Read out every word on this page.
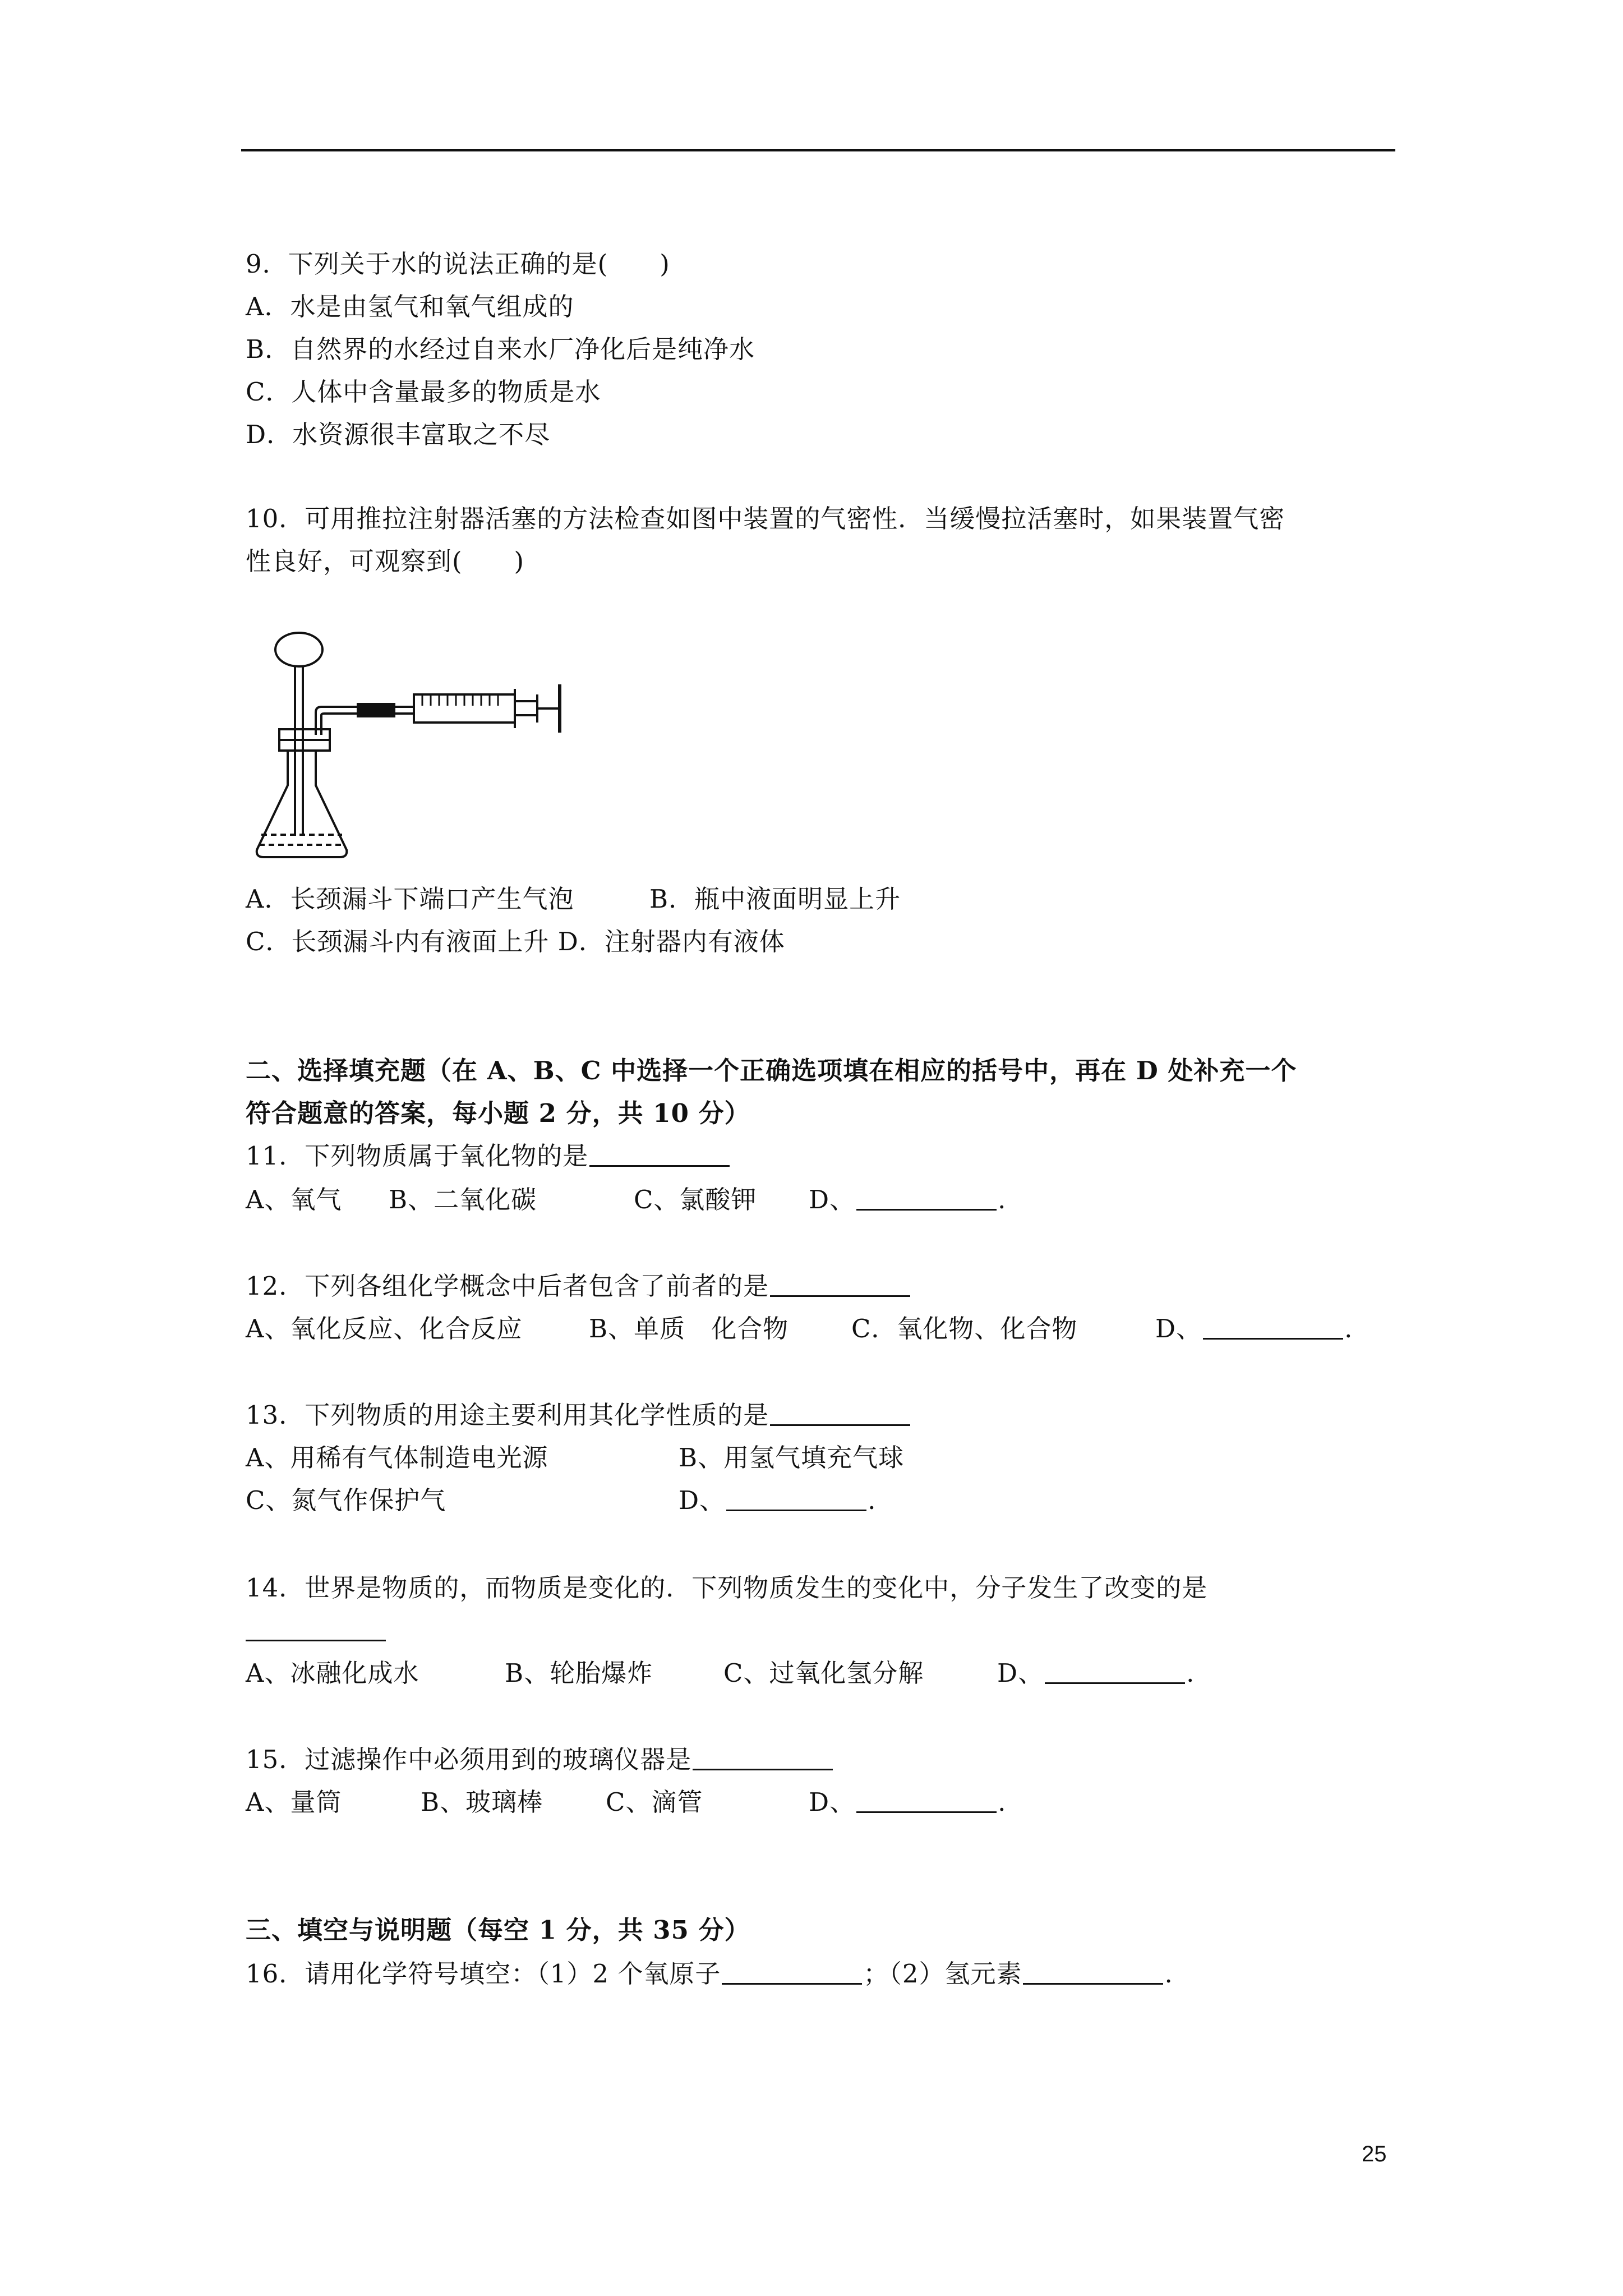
9．下列关于水的说法正确的是(　　)
A．水是由氢气和氧气组成的
B．自然界的水经过自来水厂净化后是纯净水
C．人体中含量最多的物质是水
D．水资源很丰富取之不尽
10．可用推拉注射器活塞的方法检查如图中装置的气密性．当缓慢拉活塞时，如果装置气密
性良好，可观察到(　　)
A．长颈漏斗下端口产生气泡	B．瓶中液面明显上升
C．长颈漏斗内有液面上升 D．注射器内有液体
二、选择填充题（在 A、B、C 中选择一个正确选项填在相应的括号中，再在 D 处补充一个
符合题意的答案，每小题 2 分，共 10 分）
11．下列物质属于氧化物的是
A、氧气 B、二氧化碳	C、氯酸钾 D、	.
12．下列各组化学概念中后者包含了前者的是
A、氧化反应、化合反应	B、单质　化合物 C．氧化物、化合物	D、	.
13．下列物质的用途主要利用其化学性质的是
A、用稀有气体制造电光源	B、用氢气填充气球
C、氮气作保护气	D、	.
14．世界是物质的，而物质是变化的．下列物质发生的变化中，分子发生了改变的是
A、冰融化成水	B、轮胎爆炸	C、过氧化氢分解	D、	.
15．过滤操作中必须用到的玻璃仪器是
A、量筒	B、玻璃棒 C、滴管	D、	.
三、填空与说明题（每空 1 分，共 35 分）
16．请用化学符号填空：（1）2 个氧原子	；（2）氢元素	.
25
